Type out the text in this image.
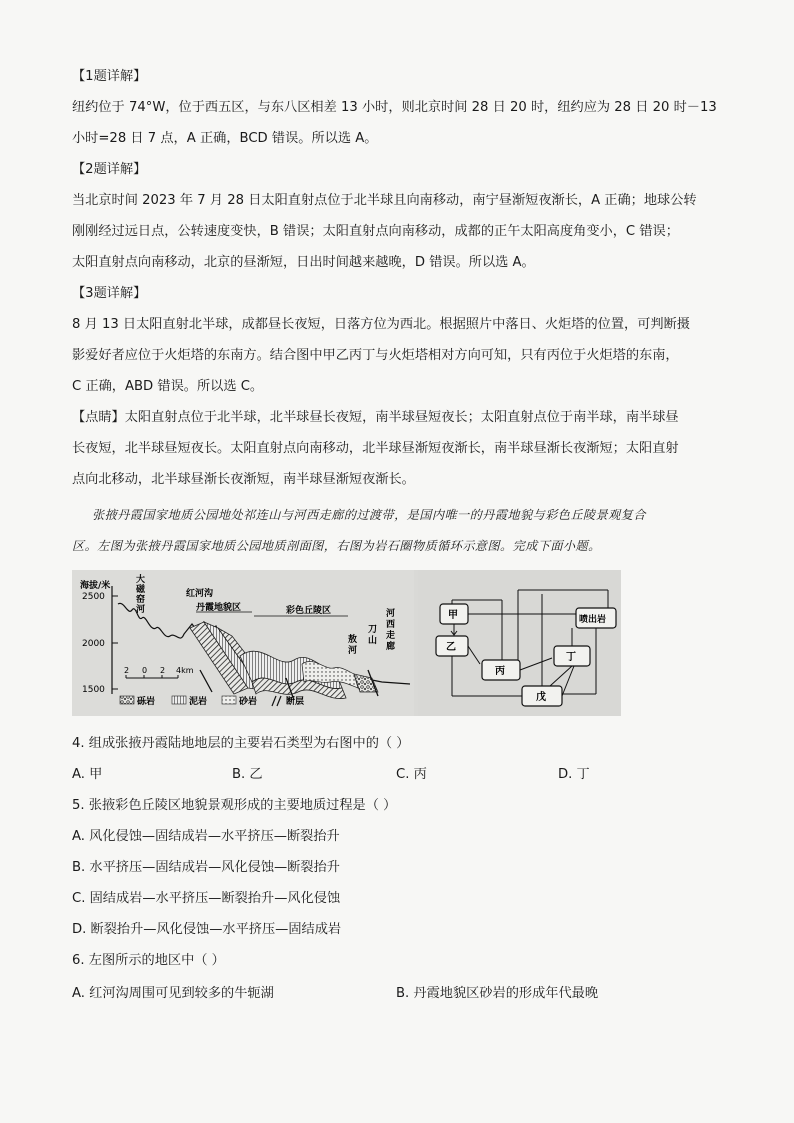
【1题详解】
纽约位于 74°W，位于西五区，与东八区相差 13 小时，则北京时间 28 日 20 时，纽约应为 28 日 20 时－13
小时=28 日 7 点，A 正确，BCD 错误。所以选 A。
【2题详解】
当北京时间 2023 年 7 月 28 日太阳直射点位于北半球且向南移动，南宁昼渐短夜渐长，A 正确；地球公转
刚刚经过远日点，公转速度变快，B 错误；太阳直射点向南移动，成都的正午太阳高度角变小，C 错误；
太阳直射点向南移动，北京的昼渐短，日出时间越来越晚，D 错误。所以选 A。
【3题详解】
8 月 13 日太阳直射北半球，成都昼长夜短，日落方位为西北。根据照片中落日、火炬塔的位置，可判断摄
影爱好者应位于火炬塔的东南方。结合图中甲乙丙丁与火炬塔相对方向可知，只有丙位于火炬塔的东南，
C 正确，ABD 错误。所以选 C。
【点睛】太阳直射点位于北半球，北半球昼长夜短，南半球昼短夜长；太阳直射点位于南半球，南半球昼
长夜短，北半球昼短夜长。太阳直射点向南移动，北半球昼渐短夜渐长，南半球昼渐长夜渐短；太阳直射
点向北移动，北半球昼渐长夜渐短，南半球昼渐短夜渐长。
张掖丹霞国家地质公园地处祁连山与河西走廊的过渡带，是国内唯一的丹霞地貌与彩色丘陵景观复合
区。左图为张掖丹霞国家地质公园地质剖面图，右图为岩石圈物质循环示意图。完成下面小题。
海拔/米
2500
2000
1500
大
磁
窑
河
红河沟
丹霞地貌区	彩色丘陵区
敖
河
刀
山
河
西
走
廊
2 0 2 4km
砾岩	泥岩	砂岩	断层
甲
乙
丙
丁
喷出岩
戊
4. 组成张掖丹霞陆地地层的主要岩石类型为右图中的（ ）
A. 甲	B. 乙	C. 丙	D. 丁
5. 张掖彩色丘陵区地貌景观形成的主要地质过程是（ ）
A. 风化侵蚀—固结成岩—水平挤压—断裂抬升
B. 水平挤压—固结成岩—风化侵蚀—断裂抬升
C. 固结成岩—水平挤压—断裂抬升—风化侵蚀
D. 断裂抬升—风化侵蚀—水平挤压—固结成岩
6. 左图所示的地区中（ ）
A. 红河沟周围可见到较多的牛轭湖	B. 丹霞地貌区砂岩的形成年代最晚
